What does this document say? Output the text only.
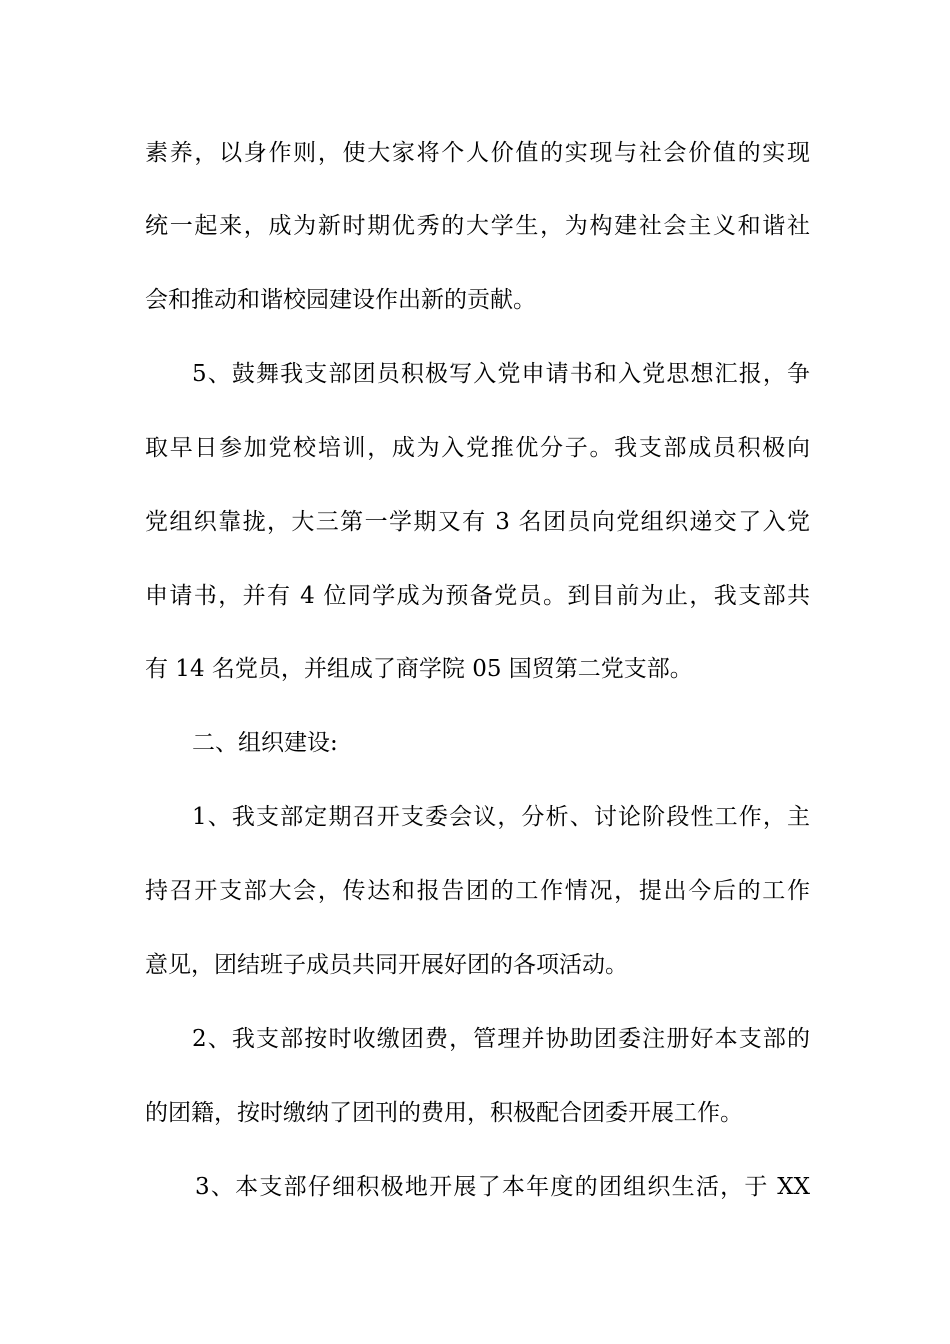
素养，以身作则，使大家将个人价值的实现与社会价值的实现
统一起来，成为新时期优秀的大学生，为构建社会主义和谐社
会和推动和谐校园建设作出新的贡献。
5、鼓舞我支部团员积极写入党申请书和入党思想汇报，争
取早日参加党校培训，成为入党推优分子。我支部成员积极向
党组织靠拢，大三第一学期又有 3 名团员向党组织递交了入党
申请书，并有 4 位同学成为预备党员。到目前为止，我支部共
有 14 名党员，并组成了商学院 05 国贸第二党支部。
二、组织建设:
1、我支部定期召开支委会议，分析、讨论阶段性工作，主
持召开支部大会，传达和报告团的工作情况，提出今后的工作
意见，团结班子成员共同开展好团的各项活动。
2、我支部按时收缴团费，管理并协助团委注册好本支部的
的团籍，按时缴纳了团刊的费用，积极配合团委开展工作。
3、本支部仔细积极地开展了本年度的团组织生活，于 XX
